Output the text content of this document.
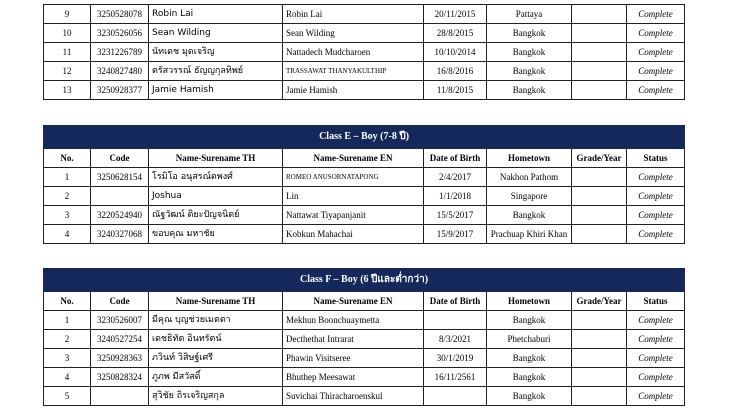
9	3250528078	Robin Lai	Robin Lai	20/11/2015	Pattaya		Complete
10	3230526056	Sean Wilding	Sean Wilding	28/8/2015	Bangkok		Complete
11	3231226789	นัทเดช มุดเจริญ	Nattadech Mudcharoen	10/10/2014	Bangkok		Complete
12	3240827480	ตรัสวรรณ์ ธัญญกุลทิพย์	TRASSAWAT THANYAKULTHIP	16/8/2016	Bangkok		Complete
13	3250928377	Jamie Hamish	Jamie Hamish	11/8/2015	Bangkok		Complete
Class E – Boy (7-8 ปี)							
No.	Code	Name-Surename TH	Name-Surename EN	Date of Birth	Hometown	Grade/Year	Status
1	3250628154	โรมิโอ อนุสรณ์ตพงศ์	ROMEO ANUSORNATAPONG	2/4/2017	Nakhon Pathom		Complete
2		Joshua	Lin	1/1/2018	Singapore		Complete
3	3220524940	ณัฐวัฒน์ ติยะปัญจนิตย์	Nattawat Tiyapanjanit	15/5/2017	Bangkok		Complete
4	3240327068	ขอบคุณ มหาชัย	Kobkun Mahachai	15/9/2017	Prachuap Khiri Khan		Complete
Class F – Boy (6 ปีและต่ำกว่า)							
No.	Code	Name-Surename TH	Name-Surename EN	Date of Birth	Hometown	Grade/Year	Status
1	3230526007	มีคุณ บุญช่วยเมตตา	Mekhun Boonchuaymetta		Bangkok		Complete
2	3240527254	เดชธิทัต อินทรัตน์	Decthethat Intrarat	8/3/2021	Phetchaburi		Complete
3	3250928363	ภวินท์ วิสิษฐ์เศรี	Phawin Visitseree	30/1/2019	Bangkok		Complete
4	3250828324	ภูภพ มีสวัสดิ์	Bhuthep Meesawat	16/11/2561	Bangkok		Complete
5		สุวิชัย ถิรเจริญสกุล	Suvichai Thiracharoenskul		Bangkok		Complete
